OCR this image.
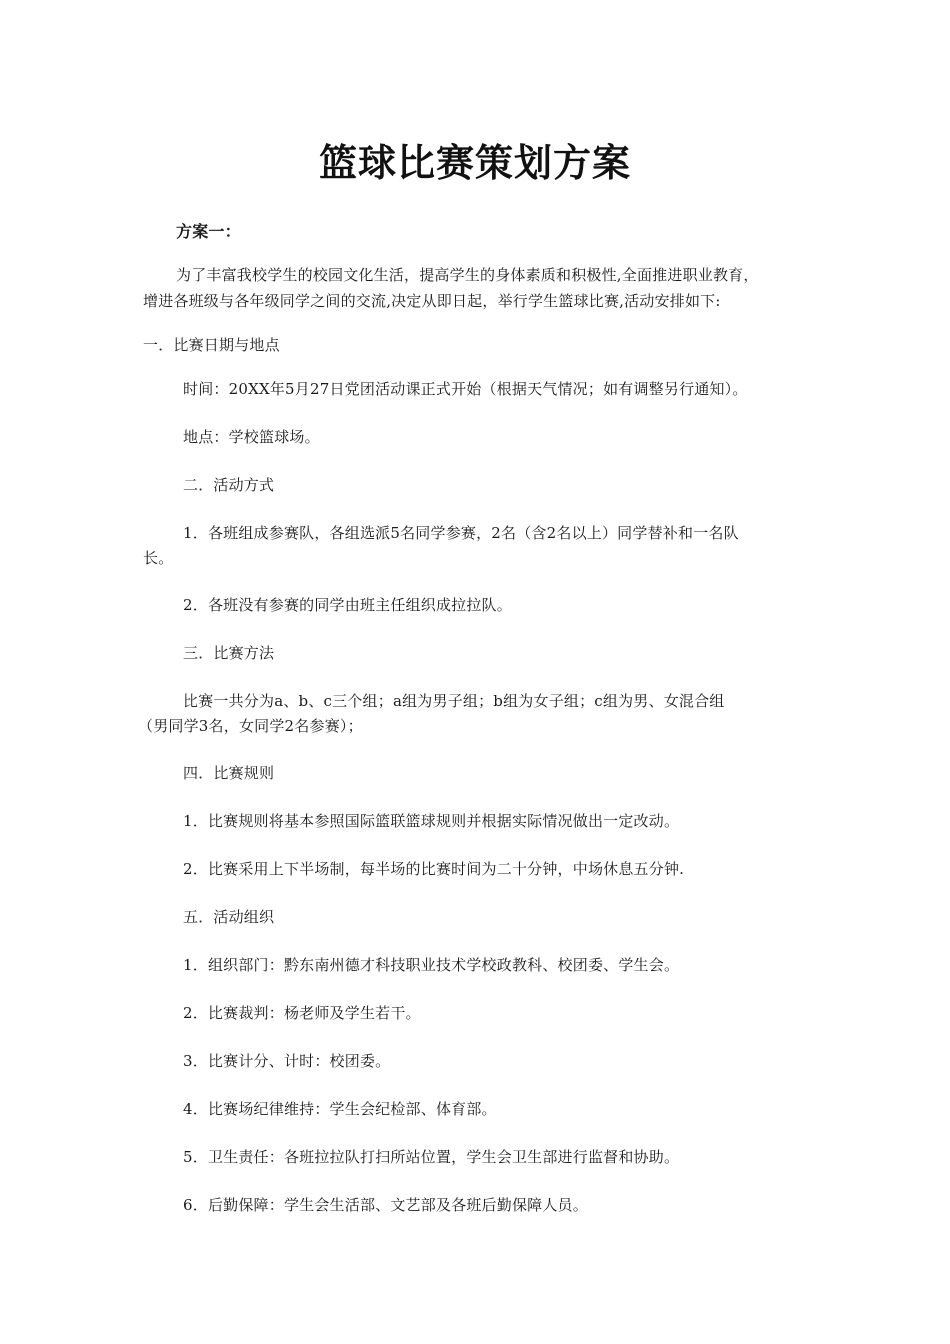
篮球比赛策划方案
方案一：
为了丰富我校学生的校园文化生活，提高学生的身体素质和积极性,全面推进职业教育，
增进各班级与各年级同学之间的交流,决定从即日起，举行学生篮球比赛,活动安排如下:
一．比赛日期与地点
时间：20XX年5月27日党团活动课正式开始（根据天气情况；如有调整另行通知）。
地点：学校篮球场。
二．活动方式
1．各班组成参赛队，各组选派5名同学参赛，2名（含2名以上）同学替补和一名队
长。
2．各班没有参赛的同学由班主任组织成拉拉队。
三．比赛方法
比赛一共分为a、b、c三个组；a组为男子组；b组为女子组；c组为男、女混合组
（男同学3名，女同学2名参赛）；
四．比赛规则
1．比赛规则将基本参照国际篮联篮球规则并根据实际情况做出一定改动。
2．比赛采用上下半场制，每半场的比赛时间为二十分钟，中场休息五分钟.
五．活动组织
1．组织部门：黔东南州德才科技职业技术学校政教科、校团委、学生会。
2．比赛裁判：杨老师及学生若干。
3．比赛计分、计时：校团委。
4．比赛场纪律维持：学生会纪检部、体育部。
5．卫生责任：各班拉拉队打扫所站位置，学生会卫生部进行监督和协助。
6．后勤保障：学生会生活部、文艺部及各班后勤保障人员。
